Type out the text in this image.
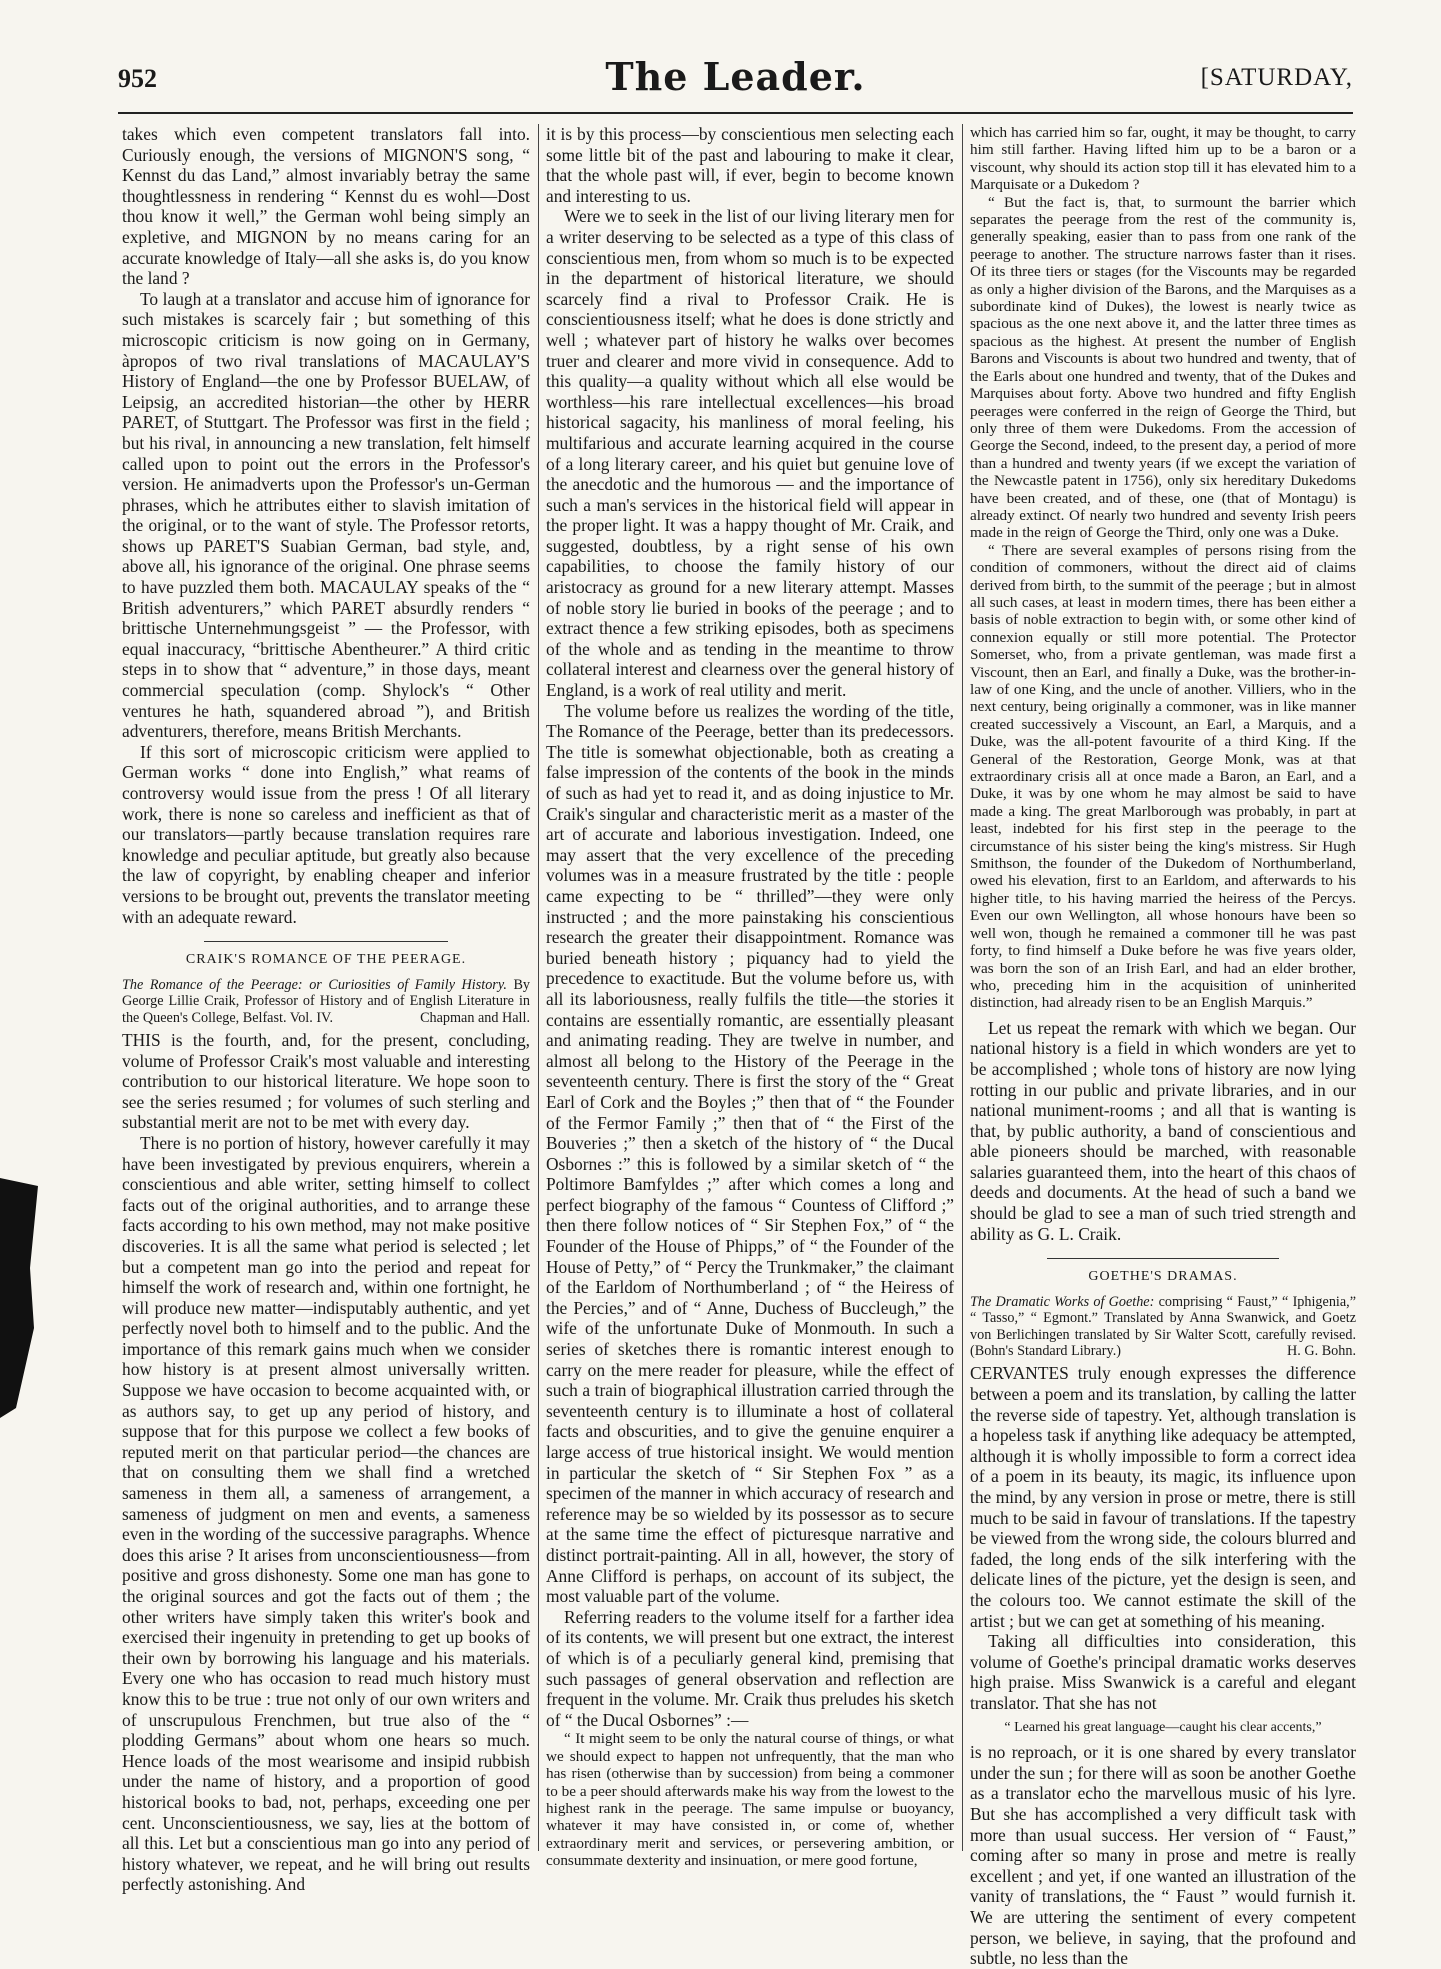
952	The Leader.	[SATURDAY,

takes which even competent translators fall into. Curiously enough, the versions of MIGNON'S song, “ Kennst du das Land,” almost invariably betray the same thoughtlessness in rendering “ Kennst du es wohl—Dost thou know it well,” the German wohl being simply an expletive, and MIGNON by no means caring for an accurate knowledge of Italy—all she asks is, do you know the land ?

To laugh at a translator and accuse him of ignorance for such mistakes is scarcely fair ; but something of this microscopic criticism is now going on in Germany, àpropos of two rival translations of MACAULAY'S History of England—the one by Professor BUELAW, of Leipsig, an accredited historian—the other by HERR PARET, of Stuttgart. The Professor was first in the field ; but his rival, in announcing a new translation, felt himself called upon to point out the errors in the Professor's version. He animadverts upon the Professor's un-German phrases, which he attributes either to slavish imitation of the original, or to the want of style. The Professor retorts, shows up PARET'S Suabian German, bad style, and, above all, his ignorance of the original. One phrase seems to have puzzled them both. MACAULAY speaks of the “ British adventurers,” which PARET absurdly renders “ brittische Unternehmungsgeist ” — the Professor, with equal inaccuracy, “brittische Abentheurer.” A third critic steps in to show that “ adventure,” in those days, meant commercial speculation (comp. Shylock's “ Other ventures he hath, squandered abroad ”), and British adventurers, therefore, means British Merchants.

If this sort of microscopic criticism were applied to German works “ done into English,” what reams of controversy would issue from the press ! Of all literary work, there is none so careless and inefficient as that of our translators—partly because translation requires rare knowledge and peculiar aptitude, but greatly also because the law of copyright, by enabling cheaper and inferior versions to be brought out, prevents the translator meeting with an adequate reward.

CRAIK'S ROMANCE OF THE PEERAGE.
The Romance of the Peerage: or Curiosities of Family History. By George Lillie Craik, Professor of History and of English Literature in the Queen's College, Belfast. Vol. IV.	Chapman and Hall.

THIS is the fourth, and, for the present, concluding, volume of Professor Craik's most valuable and interesting contribution to our historical literature. We hope soon to see the series resumed ; for volumes of such sterling and substantial merit are not to be met with every day.

There is no portion of history, however carefully it may have been investigated by previous enquirers, wherein a conscientious and able writer, setting himself to collect facts out of the original authorities, and to arrange these facts according to his own method, may not make positive discoveries. It is all the same what period is selected ; let but a competent man go into the period and repeat for himself the work of research and, within one fortnight, he will produce new matter—indisputably authentic, and yet perfectly novel both to himself and to the public. And the importance of this remark gains much when we consider how history is at present almost universally written. Suppose we have occasion to become acquainted with, or as authors say, to get up any period of history, and suppose that for this purpose we collect a few books of reputed merit on that particular period—the chances are that on consulting them we shall find a wretched sameness in them all, a sameness of arrangement, a sameness of judgment on men and events, a sameness even in the wording of the successive paragraphs. Whence does this arise ? It arises from unconscientiousness—from positive and gross dishonesty. Some one man has gone to the original sources and got the facts out of them ; the other writers have simply taken this writer's book and exercised their ingenuity in pretending to get up books of their own by borrowing his language and his materials. Every one who has occasion to read much history must know this to be true : true not only of our own writers and of unscrupulous Frenchmen, but true also of the “ plodding Germans” about whom one hears so much. Hence loads of the most wearisome and insipid rubbish under the name of history, and a proportion of good historical books to bad, not, perhaps, exceeding one per cent. Unconscientiousness, we say, lies at the bottom of all this. Let but a conscientious man go into any period of history whatever, we repeat, and he will bring out results perfectly astonishing. And

it is by this process—by conscientious men selecting each some little bit of the past and labouring to make it clear, that the whole past will, if ever, begin to become known and interesting to us.

Were we to seek in the list of our living literary men for a writer deserving to be selected as a type of this class of conscientious men, from whom so much is to be expected in the department of historical literature, we should scarcely find a rival to Professor Craik. He is conscientiousness itself; what he does is done strictly and well ; whatever part of history he walks over becomes truer and clearer and more vivid in consequence. Add to this quality—a quality without which all else would be worthless—his rare intellectual excellences—his broad historical sagacity, his manliness of moral feeling, his multifarious and accurate learning acquired in the course of a long literary career, and his quiet but genuine love of the anecdotic and the humorous — and the importance of such a man's services in the historical field will appear in the proper light. It was a happy thought of Mr. Craik, and suggested, doubtless, by a right sense of his own capabilities, to choose the family history of our aristocracy as ground for a new literary attempt. Masses of noble story lie buried in books of the peerage ; and to extract thence a few striking episodes, both as specimens of the whole and as tending in the meantime to throw collateral interest and clearness over the general history of England, is a work of real utility and merit.

The volume before us realizes the wording of the title, The Romance of the Peerage, better than its predecessors. The title is somewhat objectionable, both as creating a false impression of the contents of the book in the minds of such as had yet to read it, and as doing injustice to Mr. Craik's singular and characteristic merit as a master of the art of accurate and laborious investigation. Indeed, one may assert that the very excellence of the preceding volumes was in a measure frustrated by the title : people came expecting to be “ thrilled”—they were only instructed ; and the more painstaking his conscientious research the greater their disappointment. Romance was buried beneath history ; piquancy had to yield the precedence to exactitude. But the volume before us, with all its laboriousness, really fulfils the title—the stories it contains are essentially romantic, are essentially pleasant and animating reading. They are twelve in number, and almost all belong to the History of the Peerage in the seventeenth century. There is first the story of the “ Great Earl of Cork and the Boyles ;” then that of “ the Founder of the Fermor Family ;” then that of “ the First of the Bouveries ;” then a sketch of the history of “ the Ducal Osbornes :” this is followed by a similar sketch of “ the Poltimore Bamfyldes ;” after which comes a long and perfect biography of the famous “ Countess of Clifford ;” then there follow notices of “ Sir Stephen Fox,” of “ the Founder of the House of Phipps,” of “ the Founder of the House of Petty,” of “ Percy the Trunkmaker,” the claimant of the Earldom of Northumberland ; of “ the Heiress of the Percies,” and of “ Anne, Duchess of Buccleugh,” the wife of the unfortunate Duke of Monmouth. In such a series of sketches there is romantic interest enough to carry on the mere reader for pleasure, while the effect of such a train of biographical illustration carried through the seventeenth century is to illuminate a host of collateral facts and obscurities, and to give the genuine enquirer a large access of true historical insight. We would mention in particular the sketch of “ Sir Stephen Fox ” as a specimen of the manner in which accuracy of research and reference may be so wielded by its possessor as to secure at the same time the effect of picturesque narrative and distinct portrait-painting. All in all, however, the story of Anne Clifford is perhaps, on account of its subject, the most valuable part of the volume.

Referring readers to the volume itself for a farther idea of its contents, we will present but one extract, the interest of which is of a peculiarly general kind, premising that such passages of general observation and reflection are frequent in the volume. Mr. Craik thus preludes his sketch of “ the Ducal Osbornes” :—

“ It might seem to be only the natural course of things, or what we should expect to happen not unfrequently, that the man who has risen (otherwise than by succession) from being a commoner to be a peer should afterwards make his way from the lowest to the highest rank in the peerage. The same impulse or buoyancy, whatever it may have consisted in, or come of, whether extraordinary merit and services, or persevering ambition, or consummate dexterity and insinuation, or mere good fortune,

which has carried him so far, ought, it may be thought, to carry him still farther. Having lifted him up to be a baron or a viscount, why should its action stop till it has elevated him to a Marquisate or a Dukedom ?

“ But the fact is, that, to surmount the barrier which separates the peerage from the rest of the community is, generally speaking, easier than to pass from one rank of the peerage to another. The structure narrows faster than it rises. Of its three tiers or stages (for the Viscounts may be regarded as only a higher division of the Barons, and the Marquises as a subordinate kind of Dukes), the lowest is nearly twice as spacious as the one next above it, and the latter three times as spacious as the highest. At present the number of English Barons and Viscounts is about two hundred and twenty, that of the Earls about one hundred and twenty, that of the Dukes and Marquises about forty. Above two hundred and fifty English peerages were conferred in the reign of George the Third, but only three of them were Dukedoms. From the accession of George the Second, indeed, to the present day, a period of more than a hundred and twenty years (if we except the variation of the Newcastle patent in 1756), only six hereditary Dukedoms have been created, and of these, one (that of Montagu) is already extinct. Of nearly two hundred and seventy Irish peers made in the reign of George the Third, only one was a Duke.

“ There are several examples of persons rising from the condition of commoners, without the direct aid of claims derived from birth, to the summit of the peerage ; but in almost all such cases, at least in modern times, there has been either a basis of noble extraction to begin with, or some other kind of connexion equally or still more potential. The Protector Somerset, who, from a private gentleman, was made first a Viscount, then an Earl, and finally a Duke, was the brother-in-law of one King, and the uncle of another. Villiers, who in the next century, being originally a commoner, was in like manner created successively a Viscount, an Earl, a Marquis, and a Duke, was the all-potent favourite of a third King. If the General of the Restoration, George Monk, was at that extraordinary crisis all at once made a Baron, an Earl, and a Duke, it was by one whom he may almost be said to have made a king. The great Marlborough was probably, in part at least, indebted for his first step in the peerage to the circumstance of his sister being the king's mistress. Sir Hugh Smithson, the founder of the Dukedom of Northumberland, owed his elevation, first to an Earldom, and afterwards to his higher title, to his having married the heiress of the Percys. Even our own Wellington, all whose honours have been so well won, though he remained a commoner till he was past forty, to find himself a Duke before he was five years older, was born the son of an Irish Earl, and had an elder brother, who, preceding him in the acquisition of uninherited distinction, had already risen to be an English Marquis.”

Let us repeat the remark with which we began. Our national history is a field in which wonders are yet to be accomplished ; whole tons of history are now lying rotting in our public and private libraries, and in our national muniment-rooms ; and all that is wanting is that, by public authority, a band of conscientious and able pioneers should be marched, with reasonable salaries guaranteed them, into the heart of this chaos of deeds and documents. At the head of such a band we should be glad to see a man of such tried strength and ability as G. L. Craik.

GOETHE'S DRAMAS.
The Dramatic Works of Goethe: comprising “ Faust,” “ Iphigenia,” “ Tasso,” “ Egmont.” Translated by Anna Swanwick, and Goetz von Berlichingen translated by Sir Walter Scott, carefully revised. (Bohn's Standard Library.)	H. G. Bohn.

CERVANTES truly enough expresses the difference between a poem and its translation, by calling the latter the reverse side of tapestry. Yet, although translation is a hopeless task if anything like adequacy be attempted, although it is wholly impossible to form a correct idea of a poem in its beauty, its magic, its influence upon the mind, by any version in prose or metre, there is still much to be said in favour of translations. If the tapestry be viewed from the wrong side, the colours blurred and faded, the long ends of the silk interfering with the delicate lines of the picture, yet the design is seen, and the colours too. We cannot estimate the skill of the artist ; but we can get at something of his meaning.

Taking all difficulties into consideration, this volume of Goethe's principal dramatic works deserves high praise. Miss Swanwick is a careful and elegant translator. That she has not

“ Learned his great language—caught his clear accents,”

is no reproach, or it is one shared by every translator under the sun ; for there will as soon be another Goethe as a translator echo the marvellous music of his lyre. But she has accomplished a very difficult task with more than usual success. Her version of “ Faust,” coming after so many in prose and metre is really excellent ; and yet, if one wanted an illustration of the vanity of translations, the “ Faust ” would furnish it. We are uttering the sentiment of every competent person, we believe, in saying, that the profound and subtle, no less than the
